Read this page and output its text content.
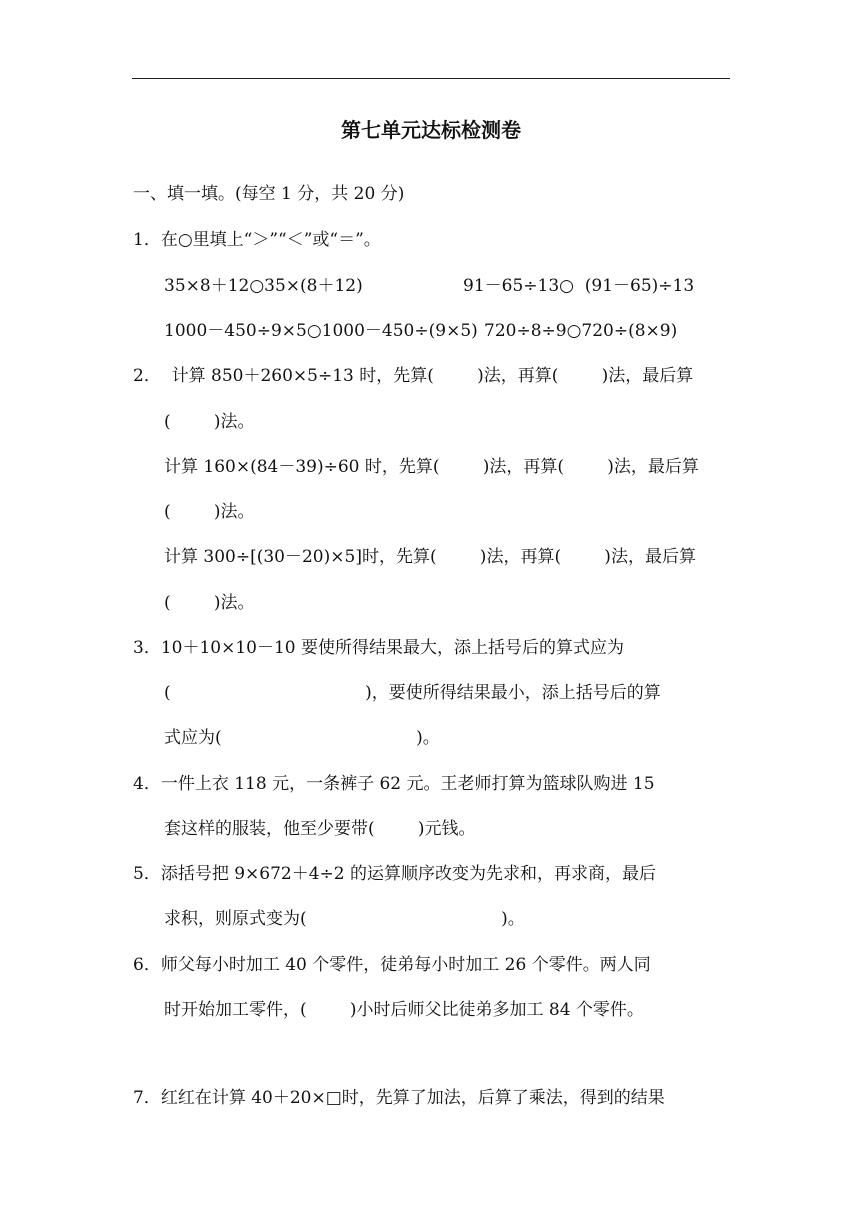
第七单元达标检测卷
一、填一填。(每空 1 分，共 20 分)
1．在○里填上“＞”“＜”或“＝”。
35×8＋12○35×(8＋12)	91－65÷13○  (91－65)÷13
1000－450÷9×5○1000－450÷(9×5) 720÷8÷9○720÷(8×9)
2．  计算 850＋260×5÷13 时，先算(        )法，再算(        )法，最后算
(        )法。
计算 160×(84－39)÷60 时，先算(        )法，再算(        )法，最后算
(        )法。
计算 300÷[(30－20)×5]时，先算(        )法，再算(        )法，最后算
(        )法。
3．10＋10×10－10 要使所得结果最大，添上括号后的算式应为
(                                    )，要使所得结果最小，添上括号后的算
式应为(                                    )。
4．一件上衣 118 元，一条裤子 62 元。王老师打算为篮球队购进 15
套这样的服装，他至少要带(        )元钱。
5．添括号把 9×672＋4÷2 的运算顺序改变为先求和，再求商，最后
求积，则原式变为(                                    )。
6．师父每小时加工 40 个零件，徒弟每小时加工 26 个零件。两人同
时开始加工零件，(        )小时后师父比徒弟多加工 84 个零件。
7．红红在计算 40＋20×□时，先算了加法，后算了乘法，得到的结果
